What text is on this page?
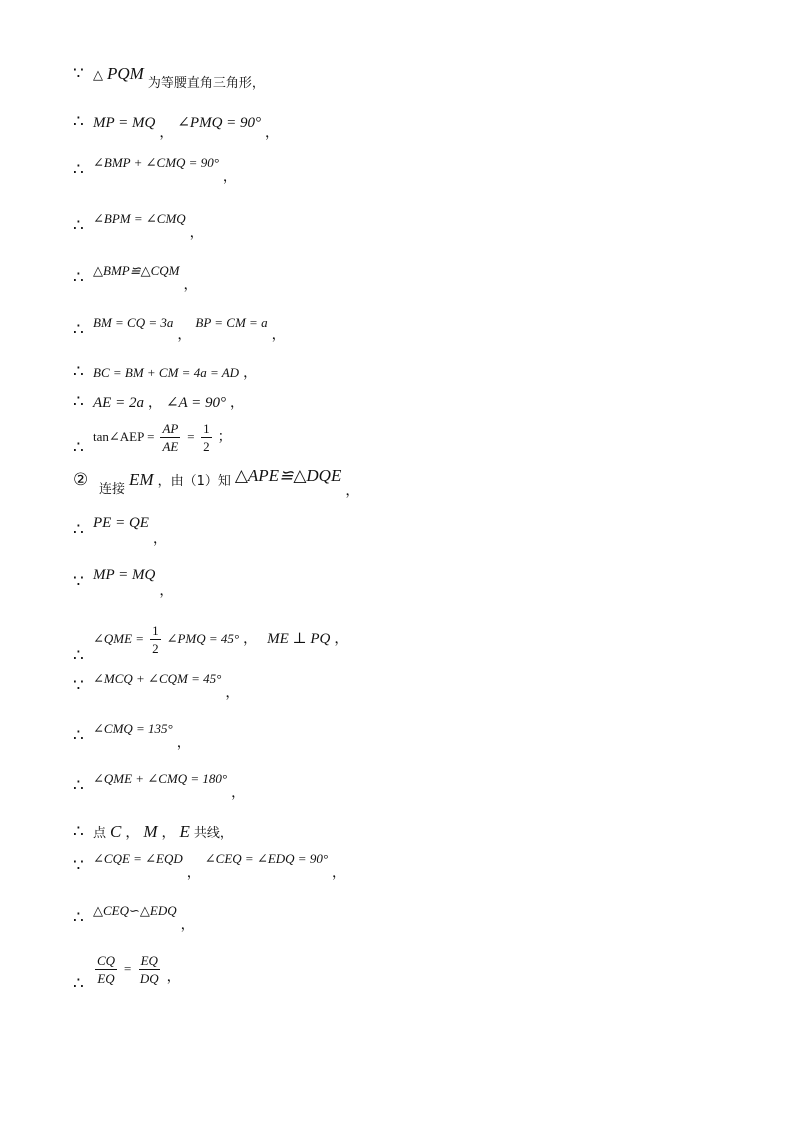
∵ △ PQM $_{为等腰直角三角形,}$
∴ MP = MQ ， ∠PMQ = 90° ，
∴ $^{\angle BMP + \angle CMQ = 90^\circ}$ ，
∴ $^{\angle BPM = \angle CMQ}$ ，
∴ $^{\triangle BMP≌\triangle CQM}$ ，
∴ $^{BM = CQ = 3a}$ ， $^{BP = CM = a}$ ，
∴ BC = BM + CM = 4a = AD ，
∴ AE = 2a ， ∠A = 90° ，
∴ tan∠AEP = $\frac{AP}{AE} = \frac{1}{2}$ ；
② $_{连接}$ EM ，由（1）知 △APE≌△DQE ，
∴ PE = QE ，
∵ MP = MQ ，
∴ ∠QME = $\frac{1}{2}$ ∠PMQ = 45° ， ME ⊥ PQ ，
∵ $^{\angle MCQ + \angle CQM = 45^\circ}$ ，
∴ $^{\angle CMQ = 135^\circ}$ ，
∴ $^{\angle QME + \angle CMQ = 180^\circ}$ ，
∴ 点 C ， M ， E 共线，
∵ $^{\angle CQE = \angle EQD}$ ， $^{\angle CEQ = \angle EDQ = 90^\circ}$ ，
∴ $^{\triangle CEQ∽\triangle EDQ}$ ，
∴ $\frac{CQ}{EQ} = \frac{EQ}{DQ}$ ，
